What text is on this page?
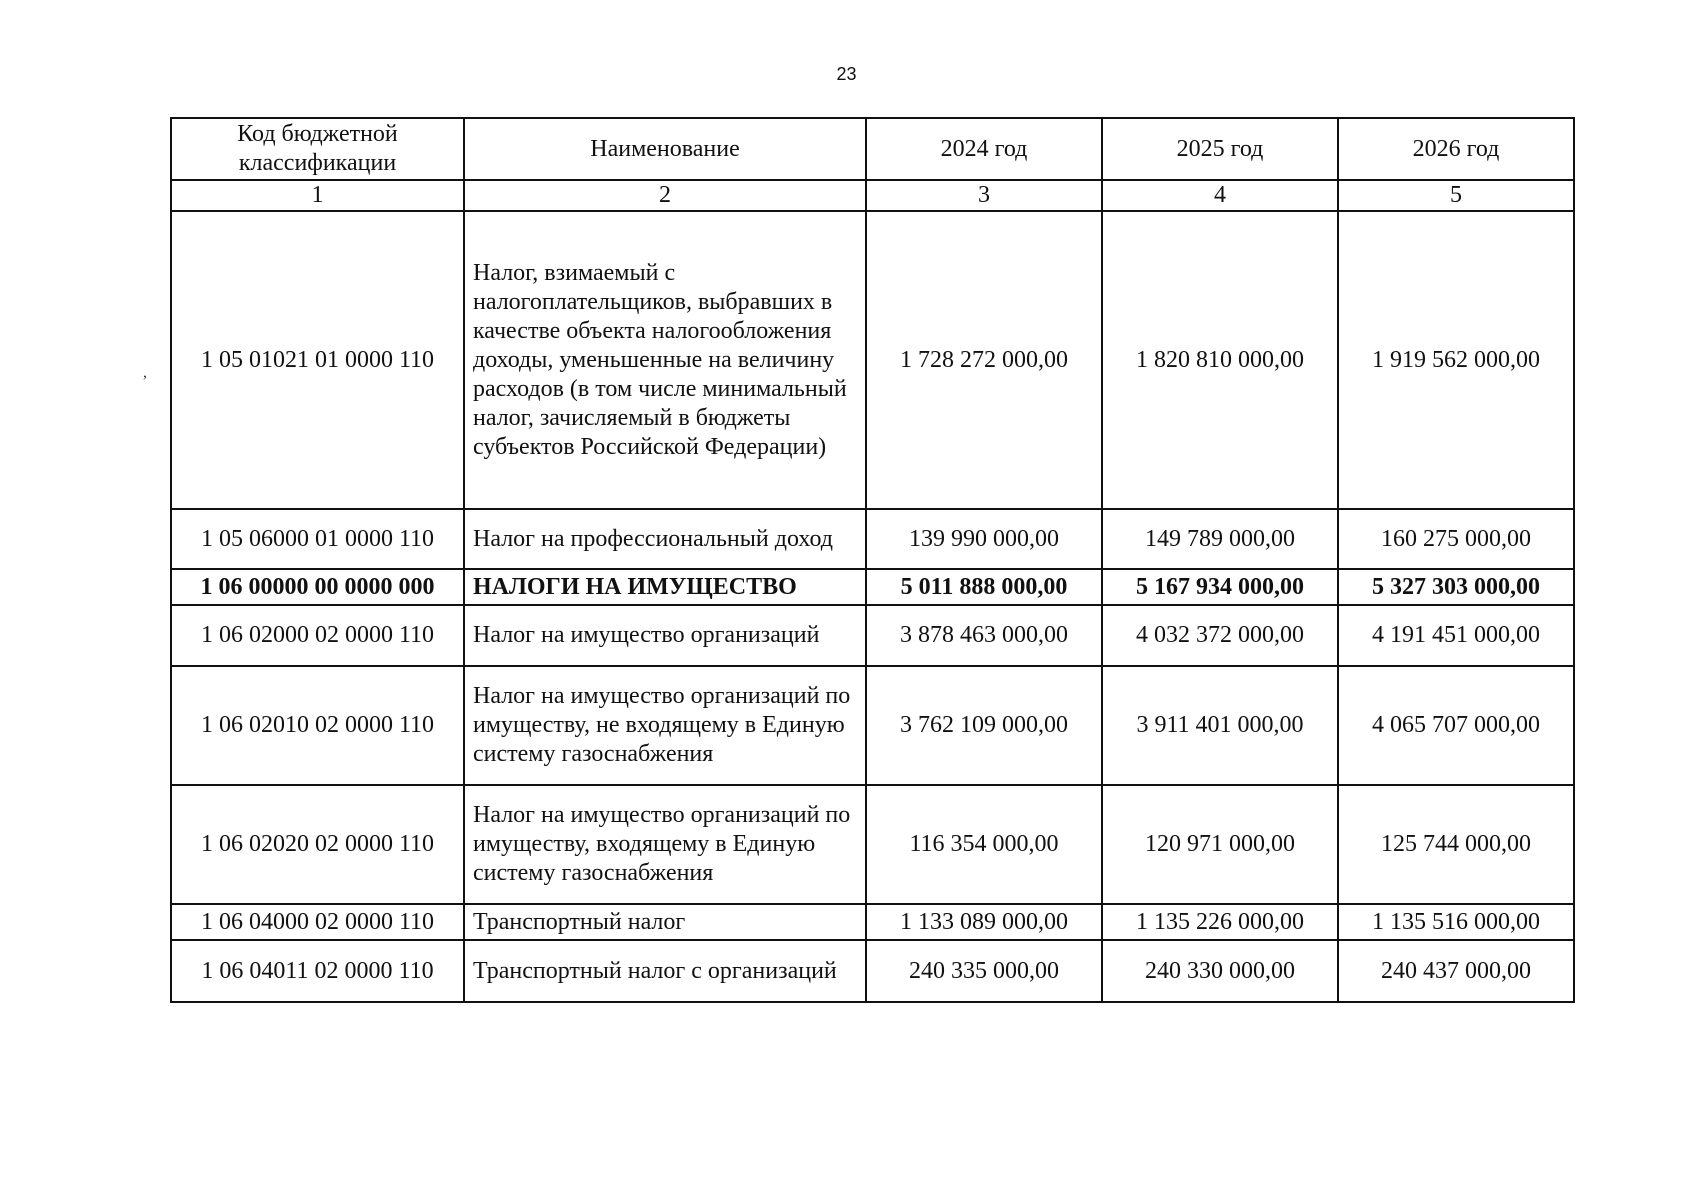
23
,
Код бюджетной классификации	Наименование	2024 год	2025 год	2026 год
1	2	3	4	5
1 05 01021 01 0000 110	Налог, взимаемый с налогоплательщиков, выбравших в качестве объекта налогообложения доходы, уменьшенные на величину расходов (в том числе минимальный налог, зачисляемый в бюджеты субъектов Российской Федерации)	1 728 272 000,00	1 820 810 000,00	1 919 562 000,00
1 05 06000 01 0000 110	Налог на профессиональный доход	139 990 000,00	149 789 000,00	160 275 000,00
1 06 00000 00 0000 000	НАЛОГИ НА ИМУЩЕСТВО	5 011 888 000,00	5 167 934 000,00	5 327 303 000,00
1 06 02000 02 0000 110	Налог на имущество организаций	3 878 463 000,00	4 032 372 000,00	4 191 451 000,00
1 06 02010 02 0000 110	Налог на имущество организаций по имуществу, не входящему в Единую систему газоснабжения	3 762 109 000,00	3 911 401 000,00	4 065 707 000,00
1 06 02020 02 0000 110	Налог на имущество организаций по имуществу, входящему в Единую систему газоснабжения	116 354 000,00	120 971 000,00	125 744 000,00
1 06 04000 02 0000 110	Транспортный налог	1 133 089 000,00	1 135 226 000,00	1 135 516 000,00
1 06 04011 02 0000 110	Транспортный налог с организаций	240 335 000,00	240 330 000,00	240 437 000,00
